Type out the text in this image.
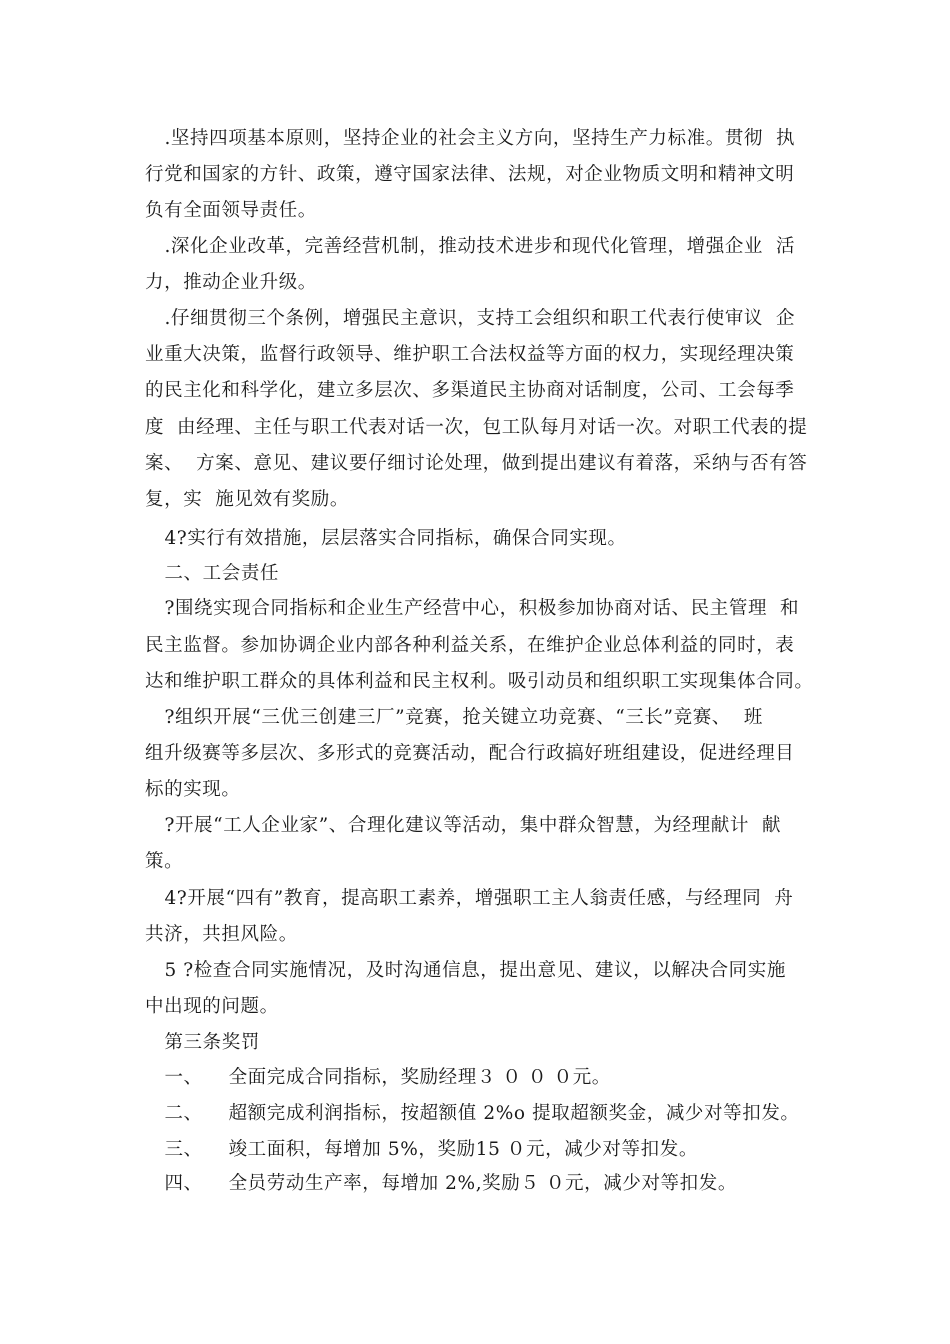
.坚持四项基本原则，坚持企业的社会主义方向，坚持生产力标准。贯彻  执
行党和国家的方针、政策，遵守国家法律、法规，对企业物质文明和精神文明
负有全面领导责任。
.深化企业改革，完善经营机制，推动技术进步和现代化管理，增强企业  活
力，推动企业升级。
.仔细贯彻三个条例，增强民主意识，支持工会组织和职工代表行使审议  企
业重大决策，监督行政领导、维护职工合法权益等方面的权力，实现经理决策
的民主化和科学化，建立多层次、多渠道民主协商对话制度，公司、工会每季
度  由经理、主任与职工代表对话一次，包工队每月对话一次。对职工代表的提
案、  方案、意见、建议要仔细讨论处理，做到提出建议有着落，采纳与否有答
复，实  施见效有奖励。
4?实行有效措施，层层落实合同指标，确保合同实现。
二、工会责任
?围绕实现合同指标和企业生产经营中心，积极参加协商对话、民主管理  和
民主监督。参加协调企业内部各种利益关系，在维护企业总体利益的同时，表
达和维护职工群众的具体利益和民主权利。吸引动员和组织职工实现集体合同。
?组织开展“三优三创建三厂”竞赛，抢关键立功竞赛、“三长”竞赛、  班
组升级赛等多层次、多形式的竞赛活动，配合行政搞好班组建设，促进经理目
标的实现。
?开展“工人企业家”、合理化建议等活动，集中群众智慧，为经理献计  献
策。
4?开展“四有”教育，提高职工素养，增强职工主人翁责任感，与经理同  舟
共济，共担风险。
5 ?检查合同实施情况，及时沟通信息，提出意见、建议，以解决合同实施
中出现的问题。
第三条奖罚
一、    全面完成合同指标，奖励经理３ ０ ０ ０元。
二、    超额完成利润指标，按超额值 2%o 提取超额奖金，减少对等扣发。
三、    竣工面积，每增加 5%，奖励15 ０元，减少对等扣发。
四、    全员劳动生产率，每增加 2%,奖励５ ０元，减少对等扣发。
